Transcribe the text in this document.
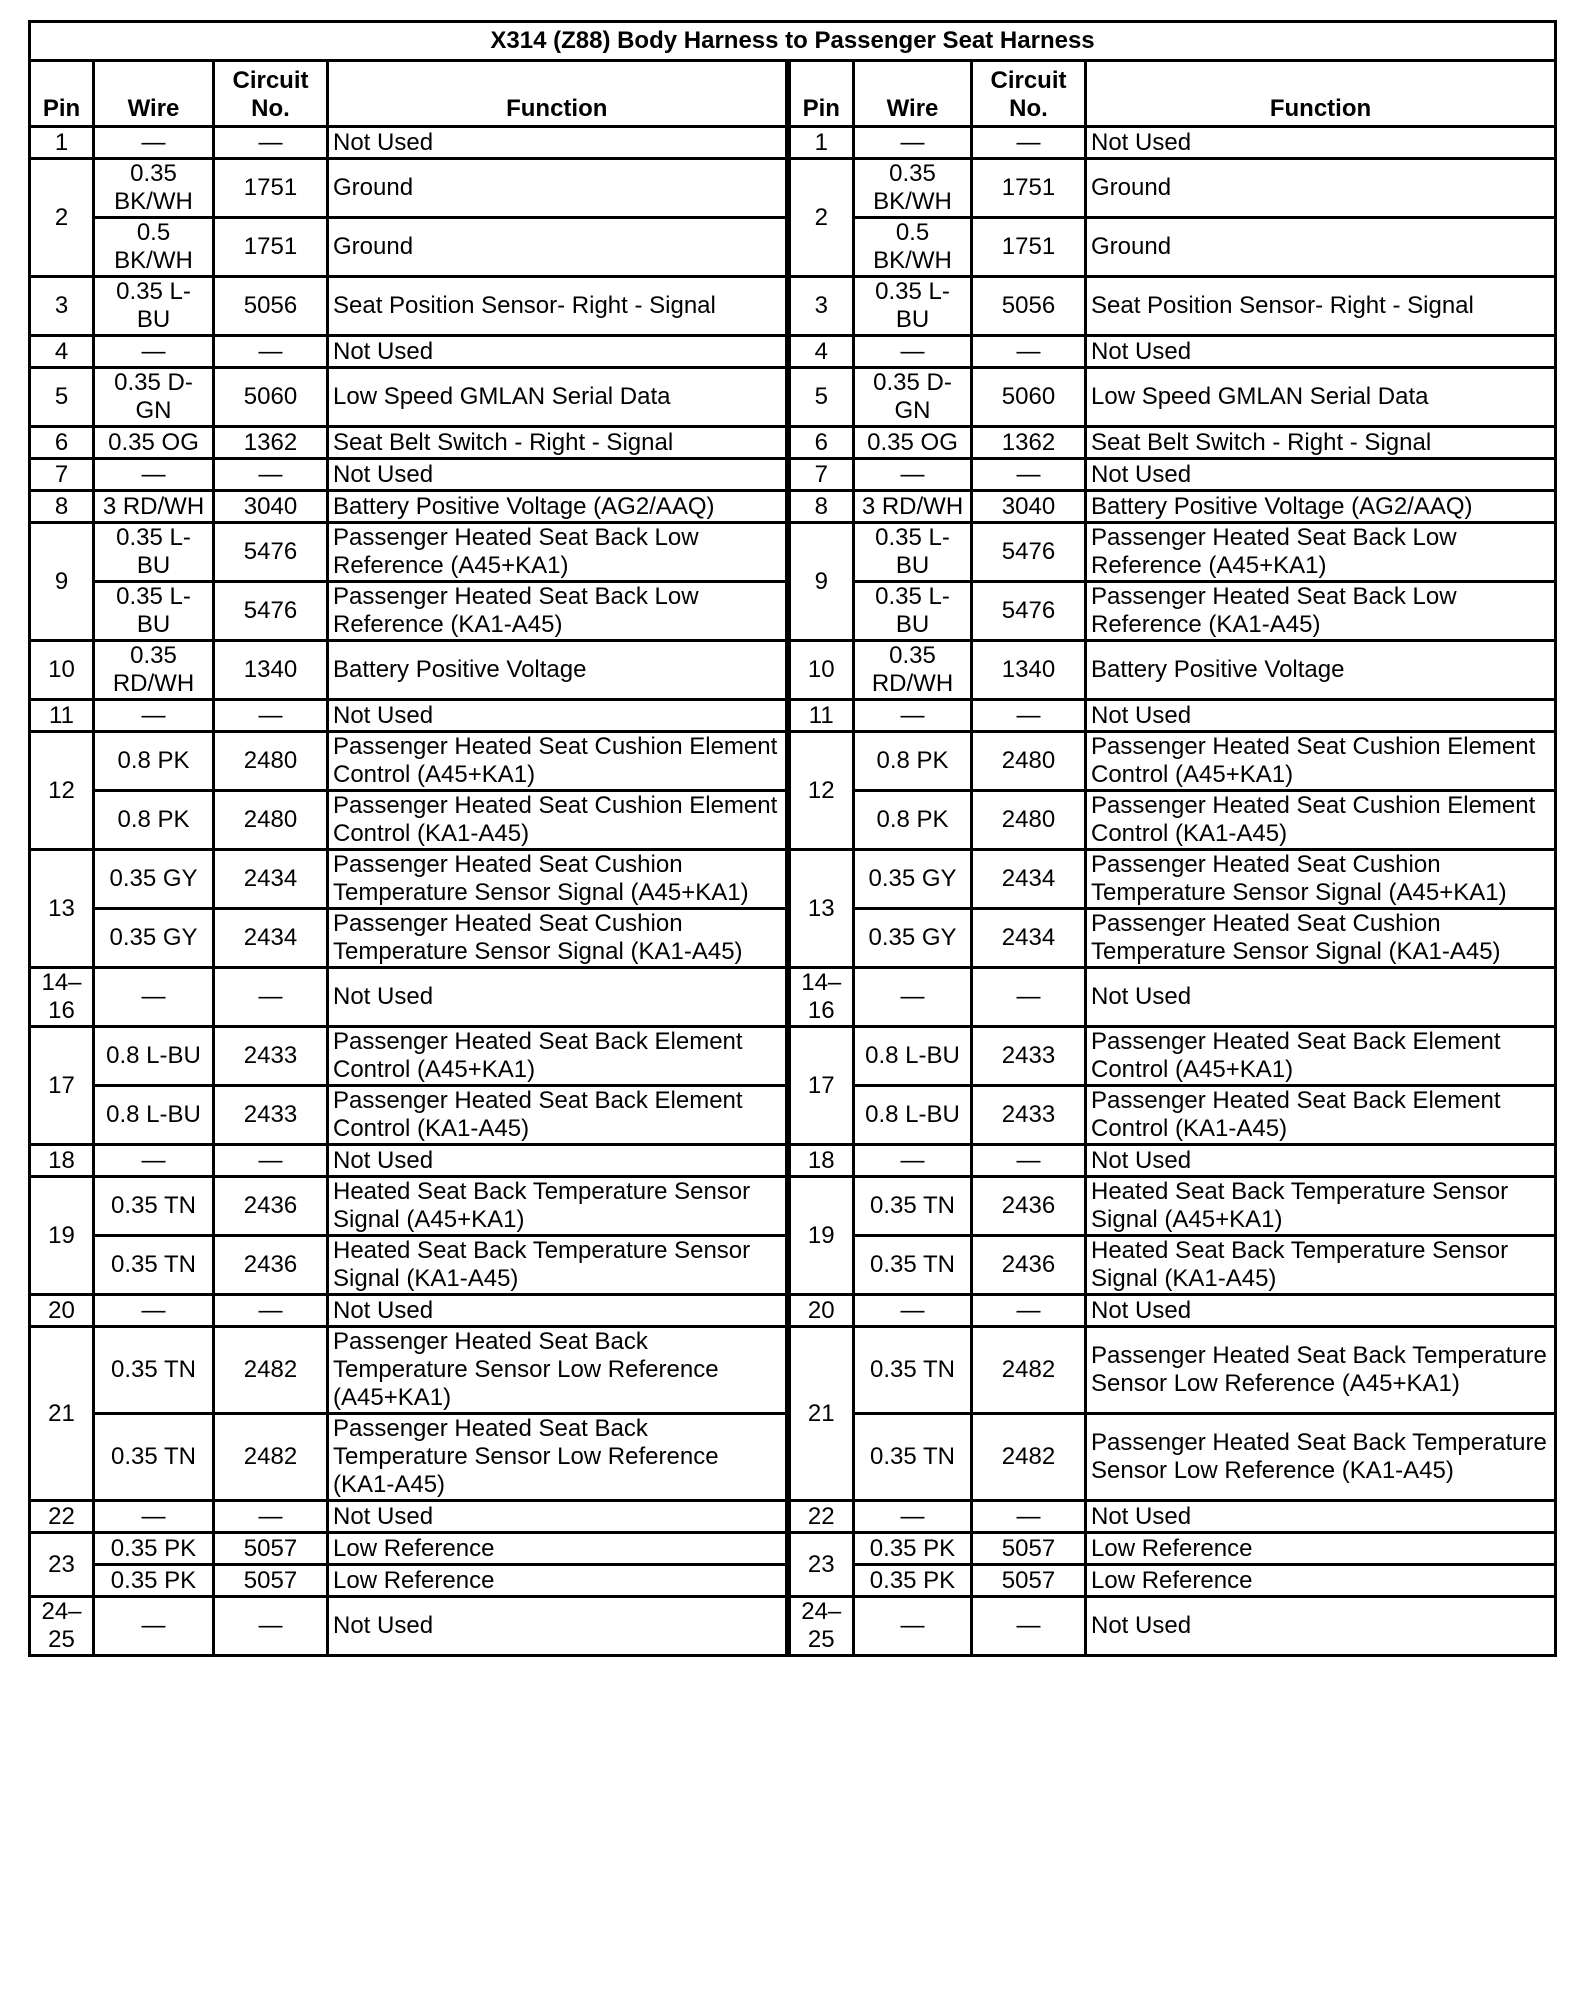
X314 (Z88) Body Harness to Passenger Seat Harness							
Pin	Wire	Circuit No.	Function	Pin	Wire	Circuit No.	Function
1	—	—	Not Used	1	—	—	Not Used
2	0.35 BK/WH	1751	Ground	2	0.35 BK/WH	1751	Ground
	0.5 BK/WH	1751	Ground		0.5 BK/WH	1751	Ground
3	0.35 L-BU	5056	Seat Position Sensor- Right - Signal	3	0.35 L-BU	5056	Seat Position Sensor- Right - Signal
4	—	—	Not Used	4	—	—	Not Used
5	0.35 D-GN	5060	Low Speed GMLAN Serial Data	5	0.35 D-GN	5060	Low Speed GMLAN Serial Data
6	0.35 OG	1362	Seat Belt Switch - Right - Signal	6	0.35 OG	1362	Seat Belt Switch - Right - Signal
7	—	—	Not Used	7	—	—	Not Used
8	3 RD/WH	3040	Battery Positive Voltage (AG2/AAQ)	8	3 RD/WH	3040	Battery Positive Voltage (AG2/AAQ)
9	0.35 L-BU	5476	Passenger Heated Seat Back Low Reference (A45+KA1)	9	0.35 L-BU	5476	Passenger Heated Seat Back Low Reference (A45+KA1)
	0.35 L-BU	5476	Passenger Heated Seat Back Low Reference (KA1-A45)		0.35 L-BU	5476	Passenger Heated Seat Back Low Reference (KA1-A45)
10	0.35 RD/WH	1340	Battery Positive Voltage	10	0.35 RD/WH	1340	Battery Positive Voltage
11	—	—	Not Used	11	—	—	Not Used
12	0.8 PK	2480	Passenger Heated Seat Cushion Element Control (A45+KA1)	12	0.8 PK	2480	Passenger Heated Seat Cushion Element Control (A45+KA1)
	0.8 PK	2480	Passenger Heated Seat Cushion Element Control (KA1-A45)		0.8 PK	2480	Passenger Heated Seat Cushion Element Control (KA1-A45)
13	0.35 GY	2434	Passenger Heated Seat Cushion Temperature Sensor Signal (A45+KA1)	13	0.35 GY	2434	Passenger Heated Seat Cushion Temperature Sensor Signal (A45+KA1)
	0.35 GY	2434	Passenger Heated Seat Cushion Temperature Sensor Signal (KA1-A45)		0.35 GY	2434	Passenger Heated Seat Cushion Temperature Sensor Signal (KA1-A45)
14–16	—	—	Not Used	14–16	—	—	Not Used
17	0.8 L-BU	2433	Passenger Heated Seat Back Element Control (A45+KA1)	17	0.8 L-BU	2433	Passenger Heated Seat Back Element Control (A45+KA1)
	0.8 L-BU	2433	Passenger Heated Seat Back Element Control (KA1-A45)		0.8 L-BU	2433	Passenger Heated Seat Back Element Control (KA1-A45)
18	—	—	Not Used	18	—	—	Not Used
19	0.35 TN	2436	Heated Seat Back Temperature Sensor Signal (A45+KA1)	19	0.35 TN	2436	Heated Seat Back Temperature Sensor Signal (A45+KA1)
	0.35 TN	2436	Heated Seat Back Temperature Sensor Signal (KA1-A45)		0.35 TN	2436	Heated Seat Back Temperature Sensor Signal (KA1-A45)
20	—	—	Not Used	20	—	—	Not Used
21	0.35 TN	2482	Passenger Heated Seat Back Temperature Sensor Low Reference (A45+KA1)	21	0.35 TN	2482	Passenger Heated Seat Back Temperature Sensor Low Reference (A45+KA1)
	0.35 TN	2482	Passenger Heated Seat Back Temperature Sensor Low Reference (KA1-A45)		0.35 TN	2482	Passenger Heated Seat Back Temperature Sensor Low Reference (KA1-A45)
22	—	—	Not Used	22	—	—	Not Used
23	0.35 PK	5057	Low Reference	23	0.35 PK	5057	Low Reference
	0.35 PK	5057	Low Reference		0.35 PK	5057	Low Reference
24–25	—	—	Not Used	24–25	—	—	Not Used
